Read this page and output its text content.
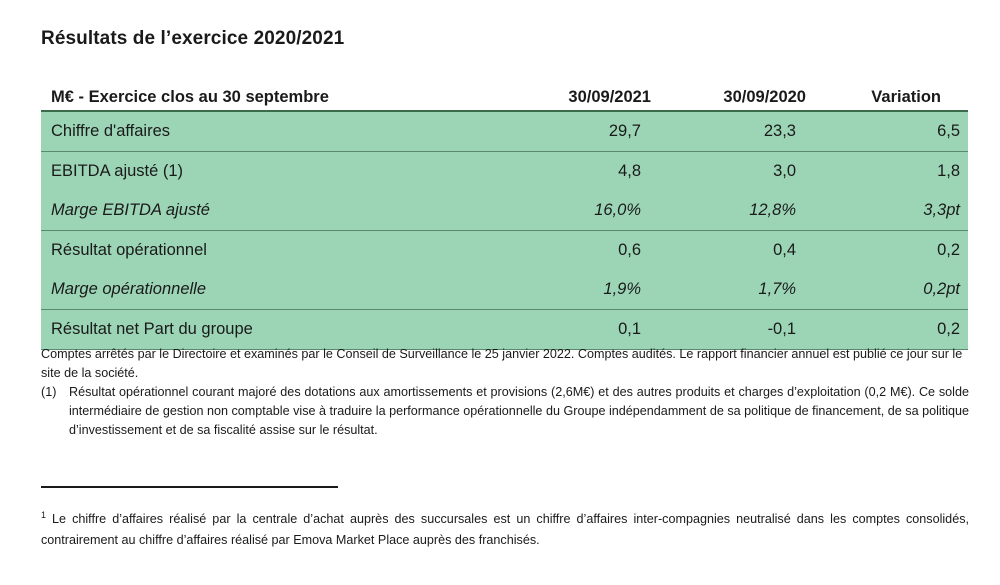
Résultats de l’exercice 2020/2021
M€ - Exercice clos au 30 septembre	30/09/2021	30/09/2020	Variation
Chiffre d'affaires	29,7	23,3	6,5
EBITDA ajusté (1)	4,8	3,0	1,8
Marge EBITDA ajusté	16,0%	12,8%	3,3pt
Résultat opérationnel	0,6	0,4	0,2
Marge opérationnelle	1,9%	1,7%	0,2pt
Résultat net Part du groupe	0,1	-0,1	0,2
Comptes arrêtés par le Directoire et examinés par le Conseil de Surveillance le 25 janvier 2022. Comptes audités. Le rapport financier annuel est publié ce jour sur le site de la société.
(1) Résultat opérationnel courant majoré des dotations aux amortissements et provisions (2,6M€) et des autres produits et charges d’exploitation (0,2 M€). Ce solde intermédiaire de gestion non comptable vise à traduire la performance opérationnelle du Groupe indépendamment de sa politique de financement, de sa politique d’investissement et de sa fiscalité assise sur le résultat.
$^1$ Le chiffre d’affaires réalisé par la centrale d’achat auprès des succursales est un chiffre d’affaires inter-compagnies neutralisé dans les comptes consolidés, contrairement au chiffre d’affaires réalisé par Emova Market Place auprès des franchisés.
